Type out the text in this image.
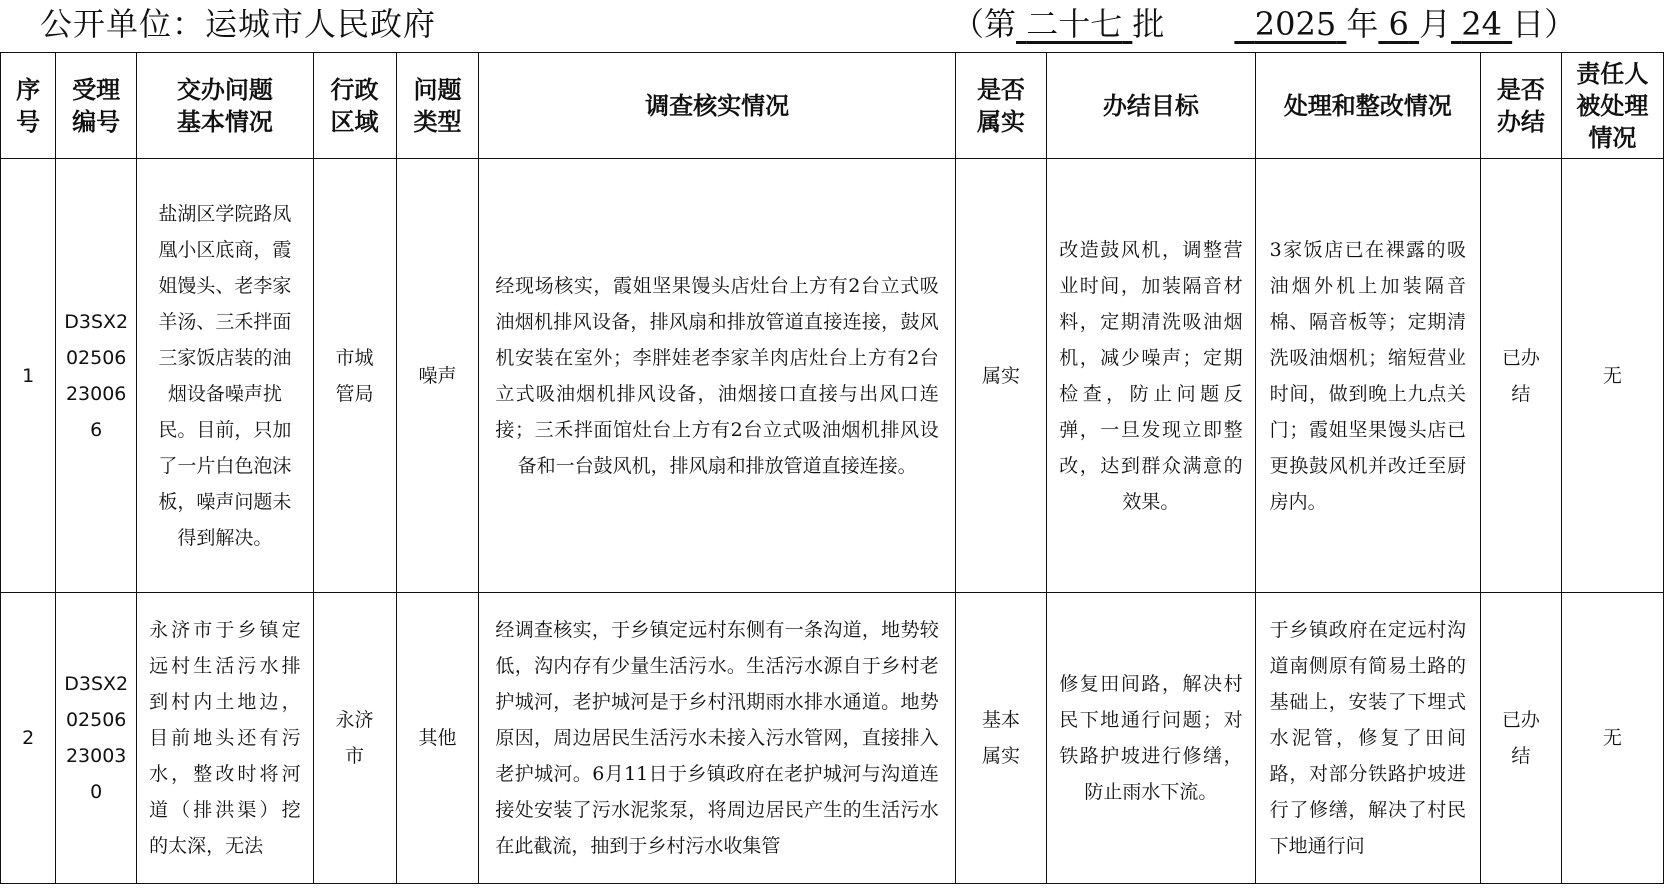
公开单位：运城市人民政府	（第 二十七 批	2025 年 6 月 24 日）
序号	受理编号	交办问题基本情况	行政区域	问题类型	调查核实情况	是否属实	办结目标	处理和整改情况	是否办结	责任人被处理情况
1	D3SX20250623006 6	盐湖区学院路凤凰小区底商，霞姐馒头、老李家羊汤、三禾拌面三家饭店装的油烟设备噪声扰民。目前，只加了一片白色泡沫板，噪声问题未得到解决。	市城管局	噪声	经现场核实，霞姐坚果馒头店灶台上方有2台立式吸油烟机排风设备，排风扇和排放管道直接连接，鼓风机安装在室外；李胖娃老李家羊肉店灶台上方有2台立式吸油烟机排风设备，油烟接口直接与出风口连接；三禾拌面馆灶台上方有2台立式吸油烟机排风设备和一台鼓风机，排风扇和排放管道直接连接。	属实	改造鼓风机，调整营业时间，加装隔音材料，定期清洗吸油烟机，减少噪声；定期检查，防止问题反弹，一旦发现立即整改，达到群众满意的效果。	3家饭店已在裸露的吸油烟外机上加装隔音棉、隔音板等；定期清洗吸油烟机；缩短营业时间，做到晚上九点关门；霞姐坚果馒头店已更换鼓风机并改迁至厨房内。	已办结	无
2	D3SX20250623003 0	永济市于乡镇定远村生活污水排到村内土地边，目前地头还有污水，整改时将河道（排洪渠）挖的太深，无法	永济市	其他	经调查核实，于乡镇定远村东侧有一条沟道，地势较低，沟内存有少量生活污水。生活污水源自于乡村老护城河，老护城河是于乡村汛期雨水排水通道。地势原因，周边居民生活污水未接入污水管网，直接排入老护城河。6月11日于乡镇政府在老护城河与沟道连接处安装了污水泥浆泵，将周边居民产生的生活污水在此截流，抽到于乡村污水收集管	基本属实	修复田间路，解决村民下地通行问题；对铁路护坡进行修缮，防止雨水下流。	于乡镇政府在定远村沟道南侧原有简易土路的基础上，安装了下埋式水泥管，修复了田间路，对部分铁路护坡进行了修缮，解决了村民下地通行问	已办结	无
